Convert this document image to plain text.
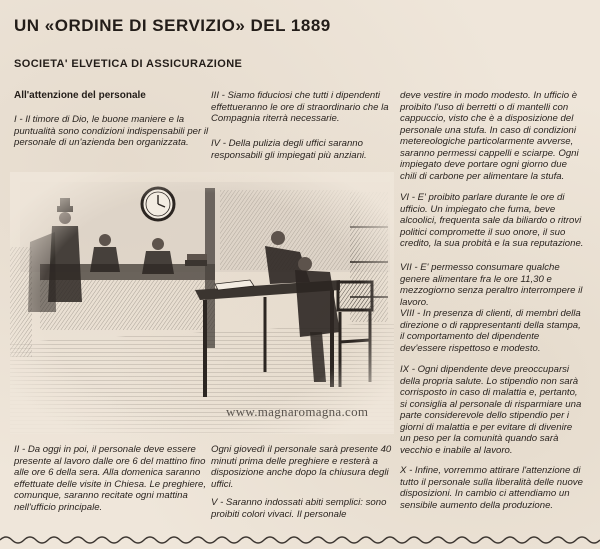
UN «ORDINE DI SERVIZIO» DEL 1889
SOCIETA' ELVETICA DI ASSICURAZIONE
All'attenzione del personale

I - Il timore di Dio, le buone maniere e la puntualità sono condizioni indispensabili per il personale di un'azienda ben organizzata.

III - Siamo fiduciosi che tutti i dipendenti effettueranno le ore di straordinario che la Compagnia riterrà necessarie.

IV - Della pulizia degli uffici saranno responsabili gli impiegati più anziani.

deve vestire in modo modesto. In ufficio è proibito l'uso di berretti o di mantelli con cappuccio, visto che è a disposizione del personale una stufa. In caso di condizioni metereologiche particolarmente avverse, saranno permessi cappelli e sciarpe. Ogni impiegato deve portare ogni giorno due chili di carbone per alimentare la stufa.

VI - E' proibito parlare durante le ore di ufficio. Un impiegato che fuma, beve alcoolici, frequenta sale da biliardo o ritrovi politici compromette il suo onore, il suo credito, la sua probità e la sua reputazione.

VII - E' permesso consumare qualche genere alimentare fra le ore 11,30 e mezzogiorno senza peraltro interrompere il lavoro.

VIII - In presenza di clienti, di membri della direzione o di rappresentanti della stampa, il comportamento del dipendente dev'essere rispettoso e modesto.

IX - Ogni dipendente deve preoccuparsi della propria salute. Lo stipendio non sarà corrisposto in caso di malattia e, pertanto, si consiglia al personale di risparmiare una parte considerevole dello stipendio per i giorni di malattia e per evitare di divenire un peso per la comunità quando sarà vecchio e inabile al lavoro.

X - Infine, vorremmo attirare l'attenzione di tutto il personale sulla liberalità delle nuove disposizioni. In cambio ci attendiamo un sensibile aumento della produzione.

II - Da oggi in poi, il personale deve essere presente al lavoro dalle ore 6 del mattino fino alle ore 6 della sera. Alla domenica saranno effettuate delle visite in Chiesa. Le preghiere, comunque, saranno recitate ogni mattina nell'ufficio principale.

Ogni giovedì il personale sarà presente 40 minuti prima delle preghiere e resterà a disposizione anche dopo la chiusura degli uffici.

V - Saranno indossati abiti semplici: sono proibiti colori vivaci. Il personale

www.magnaromagna.com
